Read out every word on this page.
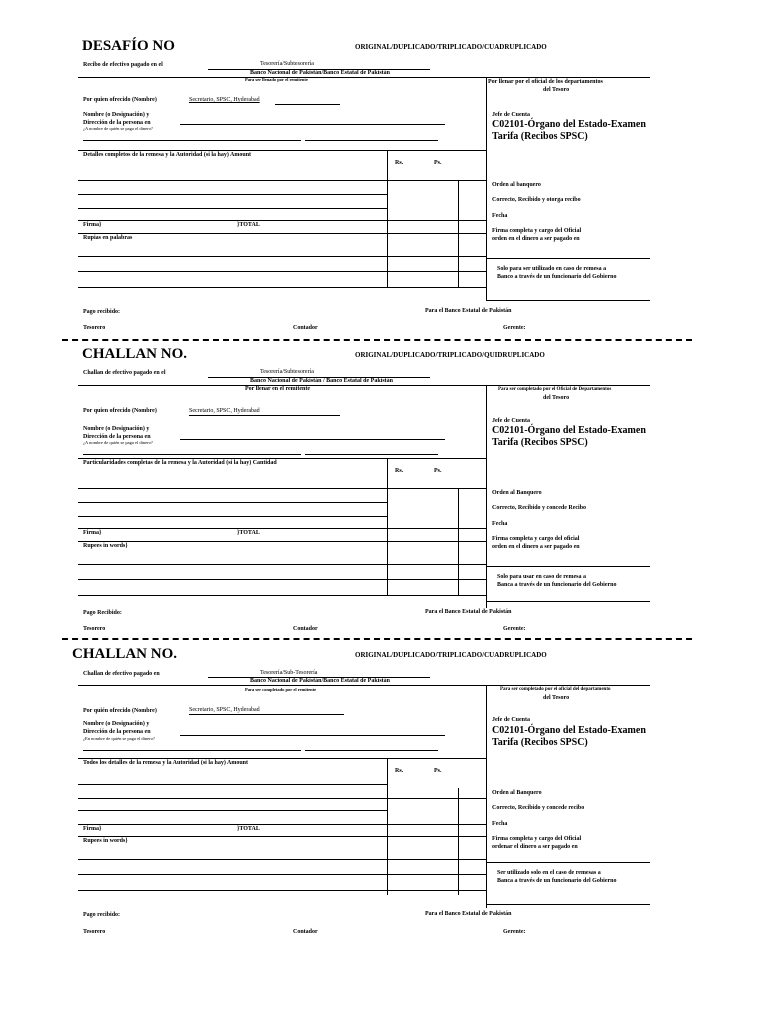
DESAFÍO NO	ORIGINAL/DUPLICADO/TRIPLICADO/CUADRUPLICADO
Recibo de efectivo pagado en el	Tesorería/Subtesorería
Banco Nacional de Pakistán/Banco Estatal de Pakistán
Para ser llenado por el remitente	Por llenar por el oficial de los departamentos
del Tesoro
Por quien ofrecido (Nombre)	Secretario, SPSC, Hyderabad
Nombre (o Designación) y
Dirección de la persona en
¿A nombre de quién se paga el dinero?
Jefe de Cuenta
C02101-Órgano del Estado-Examen
Tarifa (Recibos SPSC)
Detalles completos de la remesa y la Autoridad (si la hay) Amount
Rs.	Ps.
Firma}	}TOTAL
Rupias en palabras
Orden al banquero
Correcto, Recibido y otorga recibo
Fecha
Firma completa y cargo del Oficial
orden en el dinero a ser pagado en
Solo para ser utilizado en caso de remesa a
Banco a través de un funcionario del Gobierno
Pago recibido:	Para el Banco Estatal de Pakistán
Tesorero	Contador	Gerente:
CHALLAN NO.	ORIGINAL/DUPLICADO/TRIPLICADO/QUIDRUPLICADO
Challan de efectivo pagado en el	Tesorería/Subtesorería
Banco Nacional de Pakistán / Banco Estatal de Pakistán
Por llenar en el remitente	Para ser completado por el Oficial de Departamentos
del Tesoro
Por quien ofrecido (Nombre)	Secretario, SPSC, Hyderabad
Nombre (o Designación) y
Dirección de la persona en
¿A nombre de quién se paga el dinero?
Jefe de Cuenta
C02101-Órgano del Estado-Examen
Tarifa (Recibos SPSC)
Particularidades completas de la remesa y la Autoridad (si la hay) Cantidad
Rs.	Ps.
Firma}	}TOTAL
Rupees in words}
Orden al Banquero
Correcto, Recibido y concede Recibo
Fecha
Firma completa y cargo del oficial
orden en el dinero a ser pagado en
Solo para usar en caso de remesa a
Banca a través de un funcionario del Gobierno
Pago Recibido:	Para el Banco Estatal de Pakistán
Tesorero	Contador	Gerente:
CHALLAN NO.	ORIGINAL/DUPLICADO/TRIPLICADO/CUADRUPLICADO
Challan de efectivo pagado en	Tesorería/Sub-Tesorería
Banco Nacional de Pakistán/Banco Estatal de Pakistán
Para ser completado por el remitente	Para ser completado por el oficial del departamento
del Tesoro
Por quién ofrecido (Nombre)	Secretario, SPSC, Hyderabad
Nombre (o Designación) y
Dirección de la persona en
¿En nombre de quién se paga el dinero?
Jefe de Cuenta
C02101-Órgano del Estado-Examen
Tarifa (Recibos SPSC)
Todos los detalles de la remesa y la Autoridad (si la hay) Amount
Rs.	Ps.
Firma}	}TOTAL
Rupees in words}
Orden al Banquero
Correcto, Recibido y concede recibo
Fecha
Firma completa y cargo del Oficial
ordenar el dinero a ser pagado en
Ser utilizado solo en el caso de remesas a
Banca a través de un funcionario del Gobierno
Pago recibido:	Para el Banco Estatal de Pakistán
Tesorero	Contador	Gerente:
